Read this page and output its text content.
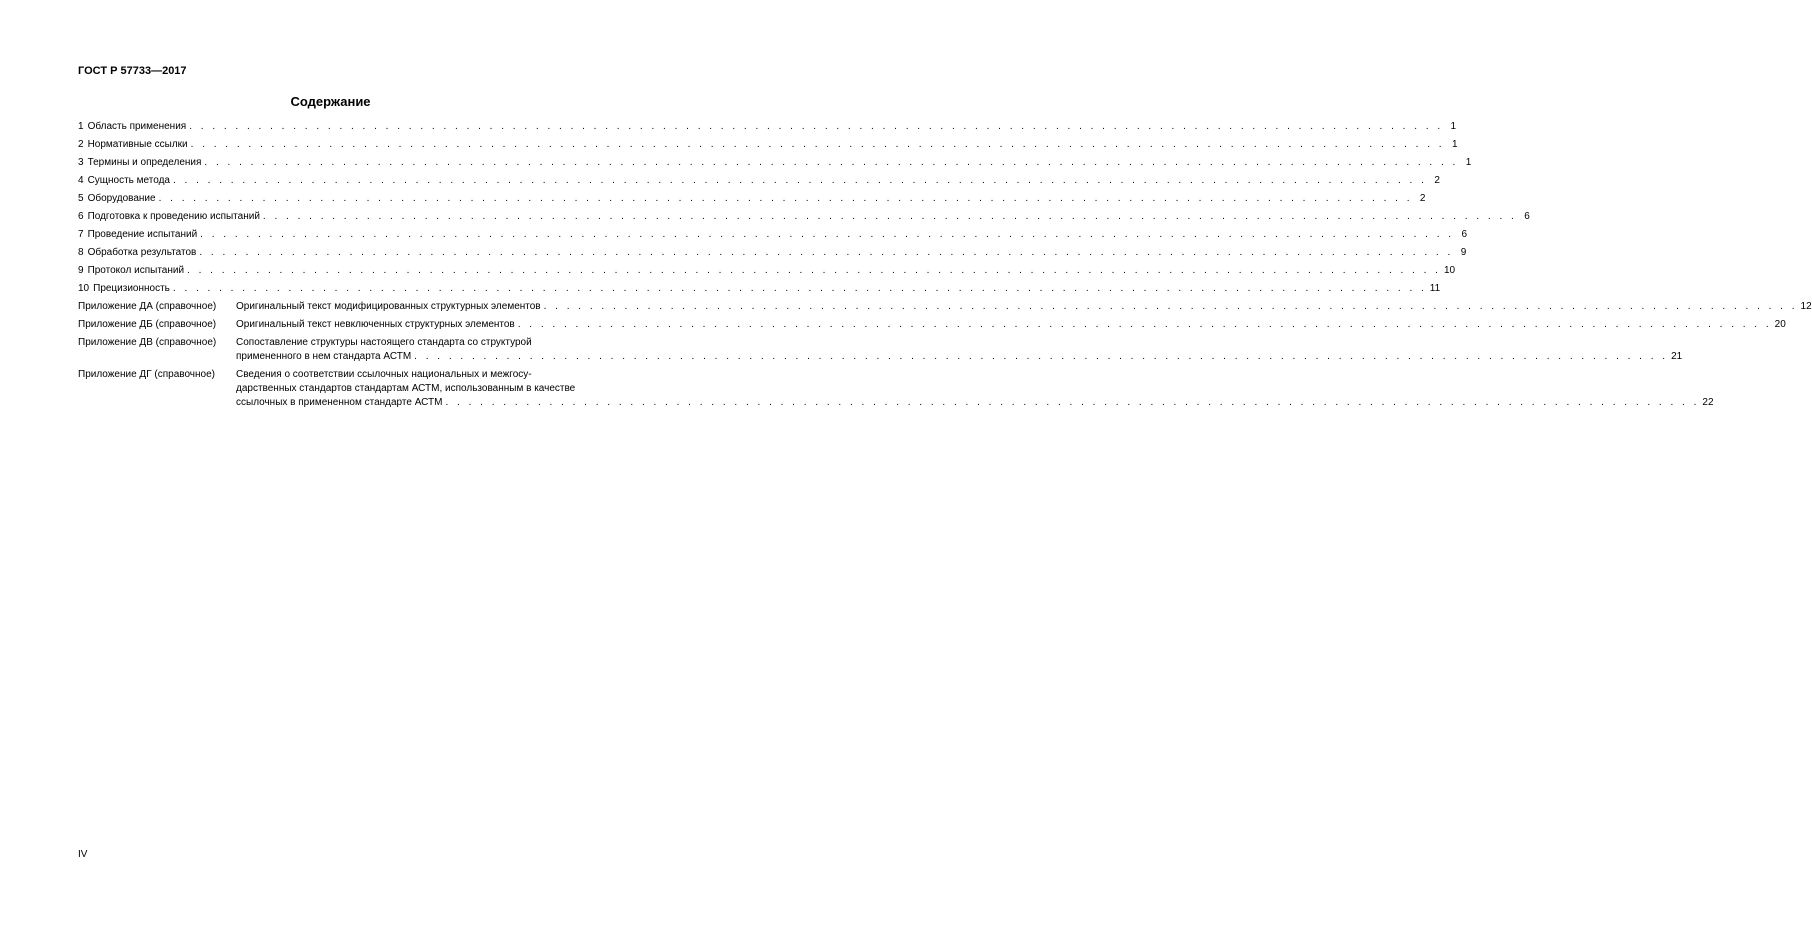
ГОСТ Р 57733—2017

Содержание

1 Область применения . . .	1
2 Нормативные ссылки . . .	1
3 Термины и определения . . .	1
4 Сущность метода . . .	2
5 Оборудование . . .	2
6 Подготовка к проведению испытаний . . .	6
7 Проведение испытаний . . .	6
8 Обработка результатов . . .	9
9 Протокол испытаний . . .	10
10 Прецизионность . . .	11
Приложение ДА (справочное)	Оригинальный текст модифицированных структурных элементов . . .	12
Приложение ДБ (справочное)	Оригинальный текст невключенных структурных элементов . . .	20
Приложение ДВ (справочное)	Сопоставление структуры настоящего стандарта со структурой
примененного в нем стандарта АСТМ . . .	21
Приложение ДГ (справочное)	Сведения о соответствии ссылочных национальных и межгосу-
дарственных стандартов стандартам АСТМ, использованным в качестве
ссылочных в примененном стандарте АСТМ . . .	22

IV
